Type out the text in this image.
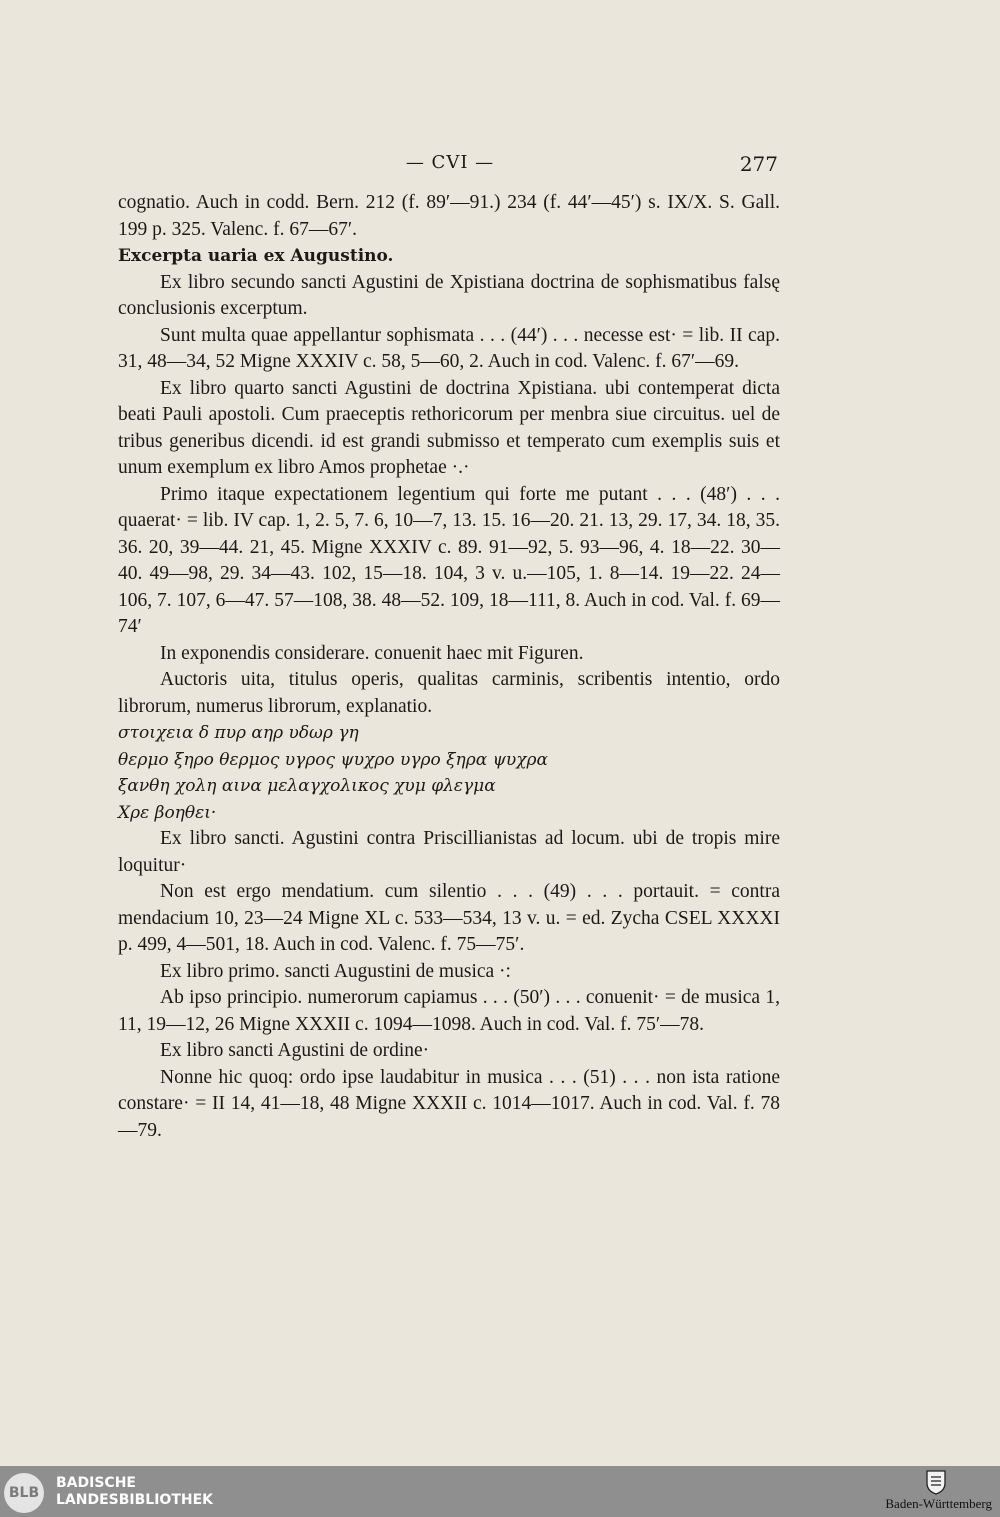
— CVI —	277

cognatio. Auch in codd. Bern. 212 (f. 89′—91.) 234 (f. 44′—45′) s. IX/X. S. Gall. 199 p. 325. Valenc. f. 67—67′.

Excerpta uaria ex Augustino.

Ex libro secundo sancti Agustini de Xpistiana doctrina de sophismatibus falsę conclusionis excerptum.

Sunt multa quae appellantur sophismata . . . (44′) . . . necesse est· = lib. II cap. 31, 48—34, 52 Migne XXXIV c. 58, 5—60, 2. Auch in cod. Valenc. f. 67′—69.

Ex libro quarto sancti Agustini de doctrina Xpistiana. ubi contemperat dicta beati Pauli apostoli. Cum praeceptis rethoricorum per menbra siue circuitus. uel de tribus generibus dicendi. id est grandi submisso et temperato cum exemplis suis et unum exemplum ex libro Amos prophetae ·.·

Primo itaque expectationem legentium qui forte me putant . . . (48′) . . . quaerat· = lib. IV cap. 1, 2. 5, 7. 6, 10—7, 13. 15. 16—20. 21. 13, 29. 17, 34. 18, 35. 36. 20, 39—44. 21, 45. Migne XXXIV c. 89. 91—92, 5. 93—96, 4. 18—22. 30—40. 49—98, 29. 34—43. 102, 15—18. 104, 3 v. u.—105, 1. 8—14. 19—22. 24—106, 7. 107, 6—47. 57—108, 38. 48—52. 109, 18—111, 8. Auch in cod. Val. f. 69—74′

In exponendis considerare. conuenit haec mit Figuren.

Auctoris uita, titulus operis, qualitas carminis, scribentis intentio, ordo librorum, numerus librorum, explanatio.

στοιχεια δ πυρ αηρ υδωρ γη

θερμο ξηρο θερμος υγρος ψυχρο υγρο ξηρα ψυχρα

ξανθη χολη αινα μελαγχολικος χυμ φλεγμα

Χρε βοηθει·

Ex libro sancti. Agustini contra Priscillianistas ad locum. ubi de tropis mire loquitur·

Non est ergo mendatium. cum silentio . . . (49) . . . portauit. = contra mendacium 10, 23—24 Migne XL c. 533—534, 13 v. u. = ed. Zycha CSEL XXXXI p. 499, 4—501, 18. Auch in cod. Valenc. f. 75—75′.

Ex libro primo. sancti Augustini de musica ·:

Ab ipso principio. numerorum capiamus . . . (50′) . . . conuenit· = de musica 1, 11, 19—12, 26 Migne XXXII c. 1094—1098. Auch in cod. Val. f. 75′—78.

Ex libro sancti Agustini de ordine·

Nonne hic quoq: ordo ipse laudabitur in musica . . . (51) . . . non ista ratione constare· = II 14, 41—18, 48 Migne XXXII c. 1014—1017. Auch in cod. Val. f. 78—79.

BLB
BADISCHE
LANDESBIBLIOTHEK	Baden-Württemberg
